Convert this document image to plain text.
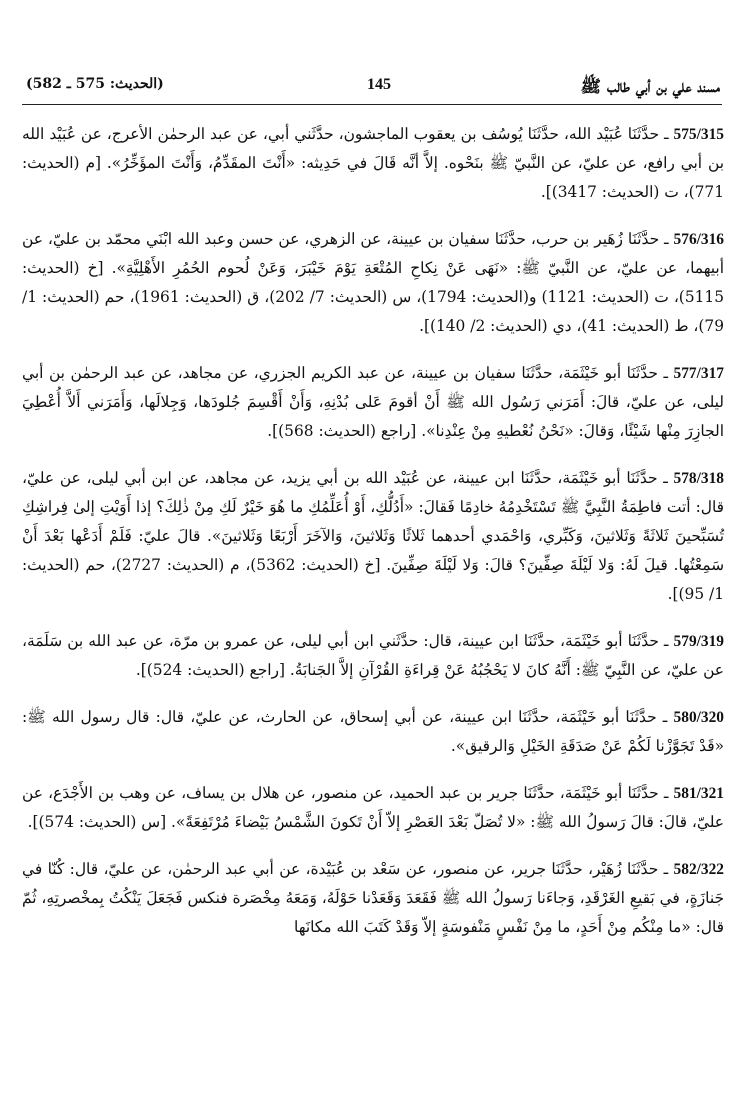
مسند علي بن أبي طالب ﷺ
145
(الحديث: 575 ـ 582)

575/315 ـ حدَّثَنَا عُبَيْد الله، حدَّثَنَا يُوسُف بن يعقوب الماجشون، حدَّثَني أبي، عن عبد الرحمٰن الأعرج، عن عُبَيْد الله بن أبي رافع، عن عليّ، عن النَّبيّ ﷺ بنَحْوه. إلاَّ أنَّه قَالَ في حَدِيثه: «أَنْتَ المقَدِّمُ، وَأَنْتَ المؤَخِّرُ». [م (الحديث: 771)، ت (الحديث: 3417)].

576/316 ـ حدَّثَنَا زُهَير بن حرب، حدَّثَنَا سفيان بن عيينة، عن الزهري، عن حسن وعبد الله ابْنَي محمّد بن عليّ، عن أبيهما، عن عليّ، عن النَّبيّ ﷺ: «نَهَى عَنْ نِكاحِ المُتْعَةِ يَوْمَ خَيْبَرَ، وَعَنْ لُحوم الحُمُرِ الأَهْلِيَّةِ». [خ (الحديث: 5115)، ت (الحديث: 1121) و(الحديث: 1794)، س (الحديث: 7/ 202)، ق (الحديث: 1961)، حم (الحديث: 1/ 79)، ط (الحديث: 41)، دي (الحديث: 2/ 140)].

577/317 ـ حدَّثَنَا أبو خَيْثَمَة، حدَّثَنَا سفيان بن عيينة، عن عبد الكريم الجزري، عن مجاهد، عن عبد الرحمٰن بن أبي ليلى، عن عليّ، قالَ: أَمَرَني رَسُول الله ﷺ أَنْ أقومَ عَلى بُدْنِهِ، وَأَنْ أَقْسِمَ جُلودَها، وَجِلالَها، وَأَمَرَني أَلاَّ أُعْطِيَ الجازِرَ مِنْها شَيْئًا، وَقالَ: «نَحْنُ نُعْطيهِ مِنْ عِنْدِنا». [راجع (الحديث: 568)].

578/318 ـ حدَّثَنَا أبو خَيْثَمَة، حدَّثَنَا ابن عيينة، عن عُبَيْد الله بن أبي يزيد، عن مجاهد، عن ابن أبي ليلى، عن عليّ، قال: أتت فاطِمَةُ النَّبِيَّ ﷺ تَسْتَخْدِمُهُ خادِمًا فَقالَ: «أَدُلُّكِ، أَوْ أُعَلِّمُكِ ما هُوَ خَيْرٌ لَكِ مِنْ ذٰلِكَ؟ إذا أَوَيْتِ إلىٰ فِراشِكِ تُسَبِّحينَ ثَلاثَةً وَثَلاثينَ، وَكَبِّري، وَاحْمَدي أحدهما ثَلاثًا وَثَلاثينَ، وَالآخَرَ أَرْبَعًا وَثَلاثينَ». قالَ عليّ: فَلَمْ أَدَعْها بَعْدَ أَنْ سَمِعْتُها. قيلَ لَهُ: وَلا لَيْلَةَ صِفِّينَ؟ قالَ: وَلا لَيْلَةَ صِفِّينَ. [خ (الحديث: 5362)، م (الحديث: 2727)، حم (الحديث: 1/ 95)].

579/319 ـ حدَّثَنَا أبو خَيْثَمَة، حدَّثَنَا ابن عيينة، قال: حدَّثَني ابن أبي ليلى، عن عمرو بن مرّة، عن عبد الله بن سَلَمَة، عن عليّ، عن النَّبِيّ ﷺ: أَنَّهُ كانَ لا يَحْجُبُهُ عَنْ قِراءَةِ القُرْآنِ إلاَّ الجَنابَةُ. [راجع (الحديث: 524)].

580/320 ـ حدَّثَنَا أبو خَيْثَمَة، حدَّثَنَا ابن عيينة، عن أبي إسحاق، عن الحارث، عن عليّ، قال: قال رسول الله ﷺ: «قَدْ تَجَوَّزْنا لَكُمْ عَنْ صَدَقَةِ الخَيْلِ وَالرقيق».

581/321 ـ حدَّثَنَا أبو خَيْثَمَة، حدَّثَنَا جرير بن عبد الحميد، عن منصور، عن هلال بن يساف، عن وهب بن الأَجْدَع، عن عليّ، قالَ: قالَ رَسولُ الله ﷺ: «لا تُصَلّ بَعْدَ العَصْرِ إلاّ أَنْ تَكونَ الشَّمْسُ بَيْضاءَ مُرْتَفِعَةً». [س (الحديث: 574)].

582/322 ـ حدَّثَنَا زُهَيْر، حدَّثَنَا جرير، عن منصور، عن سَعْد بن عُبَيْدة، عن أبي عبد الرحمٰن، عن عليّ، قال: كُنّا في جَنازَةٍ، في بَقيعِ الغَرْقَدِ، وَجاءَنا رَسولُ الله ﷺ فَقَعَدَ وَقَعَدْنا حَوْلَهُ، وَمَعَهُ مِخْصَرة فنكس فَجَعَلَ يَنْكُتُ بِمخْصرتِهِ، ثُمّ قال: «ما مِنْكُم مِنْ أَحَدٍ، ما مِنْ نَفْسٍ مَنْفوسَةٍ إلاّ وَقَدْ كَتَبَ الله مكانَها
